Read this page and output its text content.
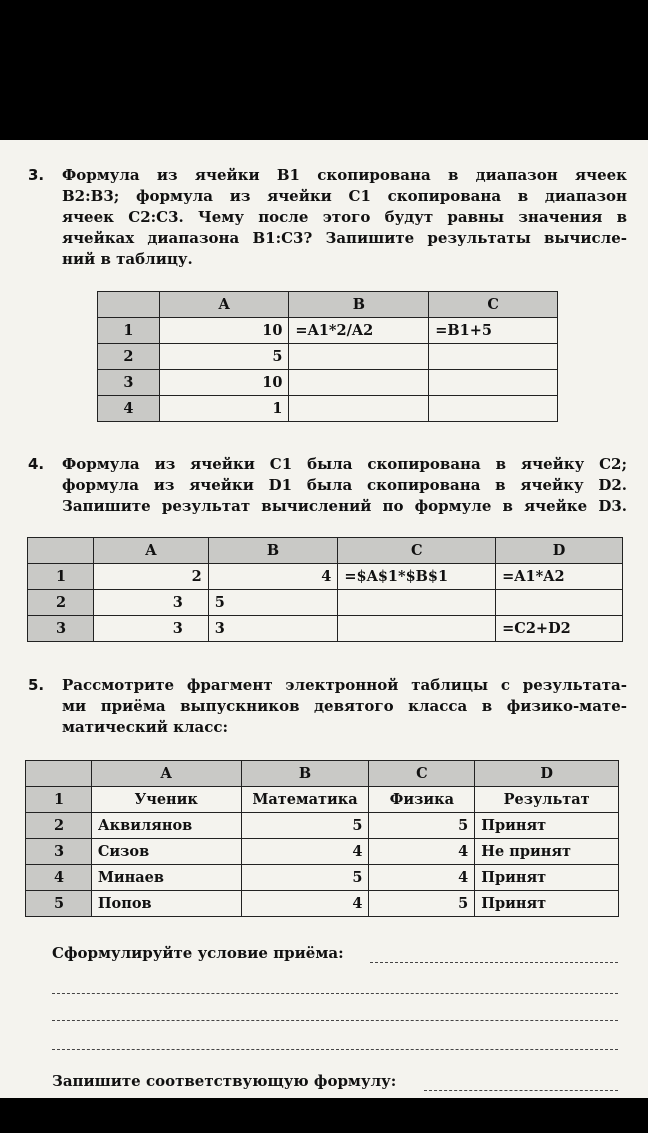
3. Формула из ячейки B1 скопирована в диапазон ячеек
B2:B3; формула из ячейки C1 скопирована в диапазон
ячеек C2:C3. Чему после этого будут равны значения в
ячейках диапазона B1:C3? Запишите результаты вычисле-
ний в таблицу.
	A	B	C
1	10	=A1*2/A2	=B1+5
2	5		
3	10		
4	1		
4. Формула из ячейки C1 была скопирована в ячейку C2;
формула из ячейки D1 была скопирована в ячейку D2.
Запишите результат вычислений по формуле в ячейке D3.
	A	B	C	D
1	2	4	=$A$1*$B$1	=A1*A2
2	3	5		
3	3	3		=C2+D2
5. Рассмотрите фрагмент электронной таблицы с результата-
ми приёма выпускников девятого класса в физико-мате-
матический класс:
	A	B	C	D
1	Ученик	Математика	Физика	Результат
2	Аквилянов	5	5	Принят
3	Сизов	4	4	Не принят
4	Минаев	5	4	Принят
5	Попов	4	5	Принят
Сформулируйте условие приёма:
Запишите соответствующую формулу:
